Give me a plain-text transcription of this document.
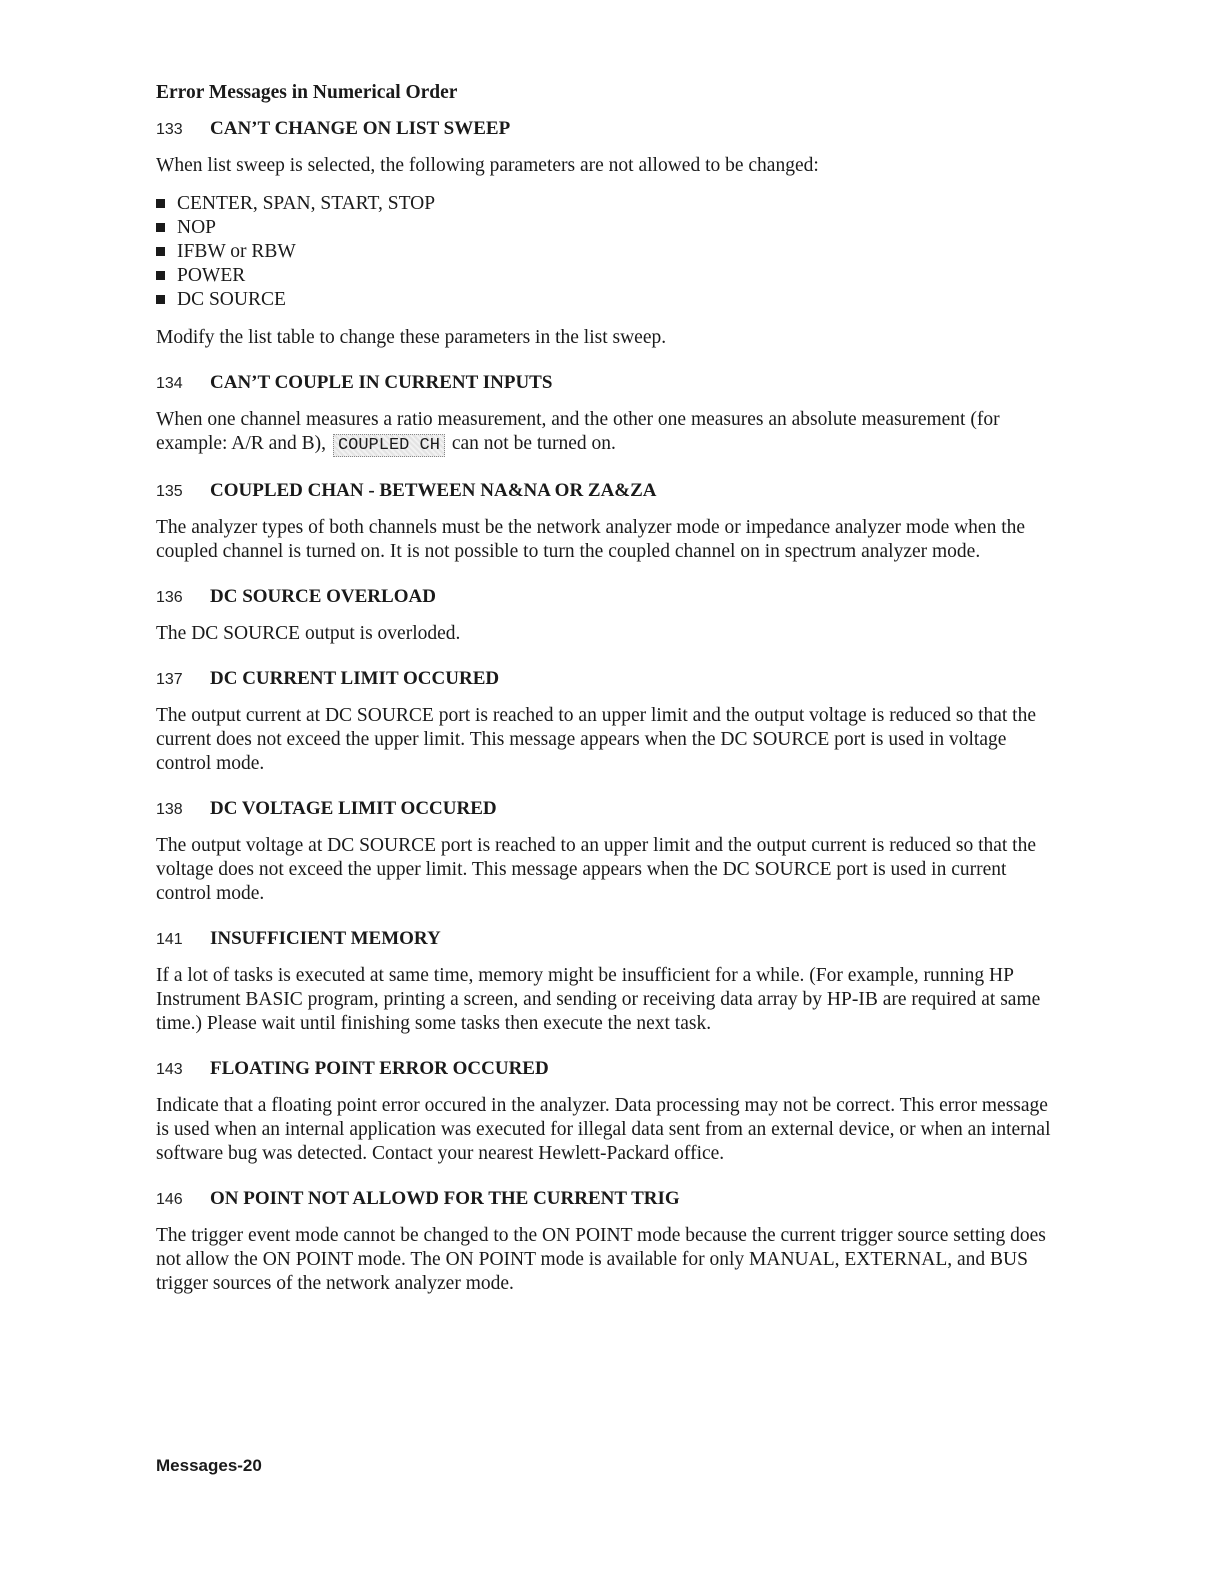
Error Messages in Numerical Order
133	CAN’T CHANGE ON LIST SWEEP

When list sweep is selected, the following parameters are not allowed to be changed:

CENTER, SPAN, START, STOP
NOP
IFBW or RBW
POWER
DC SOURCE

Modify the list table to change these parameters in the list sweep.

134	CAN’T COUPLE IN CURRENT INPUTS

When one channel measures a ratio measurement, and the other one measures an absolute measurement (for example: A/R and B), COUPLED CH can not be turned on.

135	COUPLED CHAN - BETWEEN NA&NA OR ZA&ZA

The analyzer types of both channels must be the network analyzer mode or impedance analyzer mode when the coupled channel is turned on. It is not possible to turn the coupled channel on in spectrum analyzer mode.

136	DC SOURCE OVERLOAD

The DC SOURCE output is overloded.

137	DC CURRENT LIMIT OCCURED

The output current at DC SOURCE port is reached to an upper limit and the output voltage is reduced so that the current does not exceed the upper limit. This message appears when the DC SOURCE port is used in voltage control mode.

138	DC VOLTAGE LIMIT OCCURED

The output voltage at DC SOURCE port is reached to an upper limit and the output current is reduced so that the voltage does not exceed the upper limit. This message appears when the DC SOURCE port is used in current control mode.

141	INSUFFICIENT MEMORY

If a lot of tasks is executed at same time, memory might be insufficient for a while. (For example, running HP Instrument BASIC program, printing a screen, and sending or receiving data array by HP-IB are required at same time.) Please wait until finishing some tasks then execute the next task.

143	FLOATING POINT ERROR OCCURED

Indicate that a floating point error occured in the analyzer. Data processing may not be correct. This error message is used when an internal application was executed for illegal data sent from an external device, or when an internal software bug was detected. Contact your nearest Hewlett-Packard office.

146	ON POINT NOT ALLOWD FOR THE CURRENT TRIG

The trigger event mode cannot be changed to the ON POINT mode because the current trigger source setting does not allow the ON POINT mode. The ON POINT mode is available for only MANUAL, EXTERNAL, and BUS trigger sources of the network analyzer mode.

Messages-20
